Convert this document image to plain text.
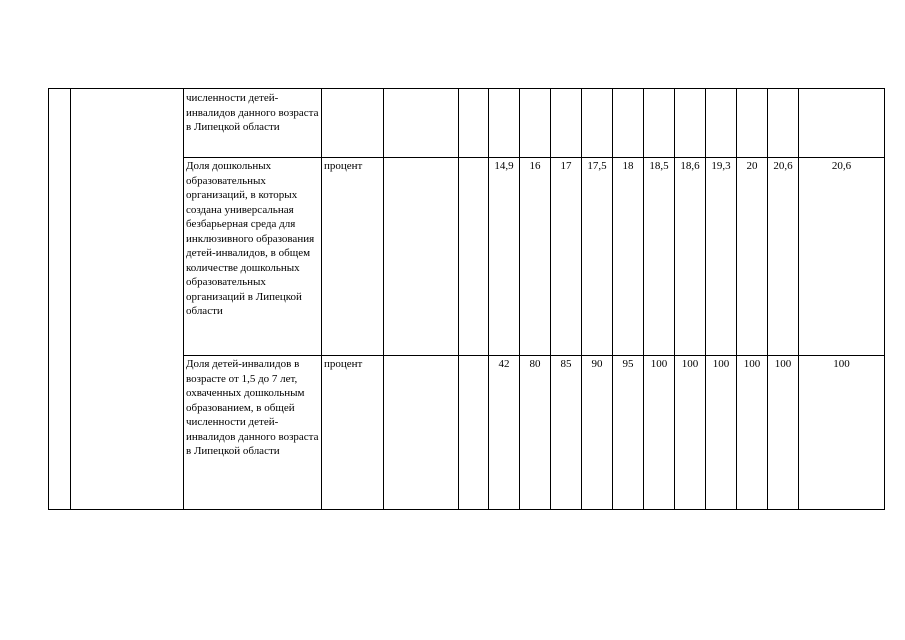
		численности детей-инвалидов данного возраста в Липецкой области														
		Доля дошкольных образовательных организаций, в которых создана универсальная безбарьерная среда для инклюзивного образования детей-инвалидов, в общем количестве дошкольных образовательных организаций в Липецкой области	процент			14,9	16	17	17,5	18	18,5	18,6	19,3	20	20,6	20,6
		Доля детей-инвалидов в возрасте от 1,5 до 7 лет, охваченных дошкольным образованием, в общей численности детей-инвалидов данного возраста в Липецкой области	процент			42	80	85	90	95	100	100	100	100	100	100
